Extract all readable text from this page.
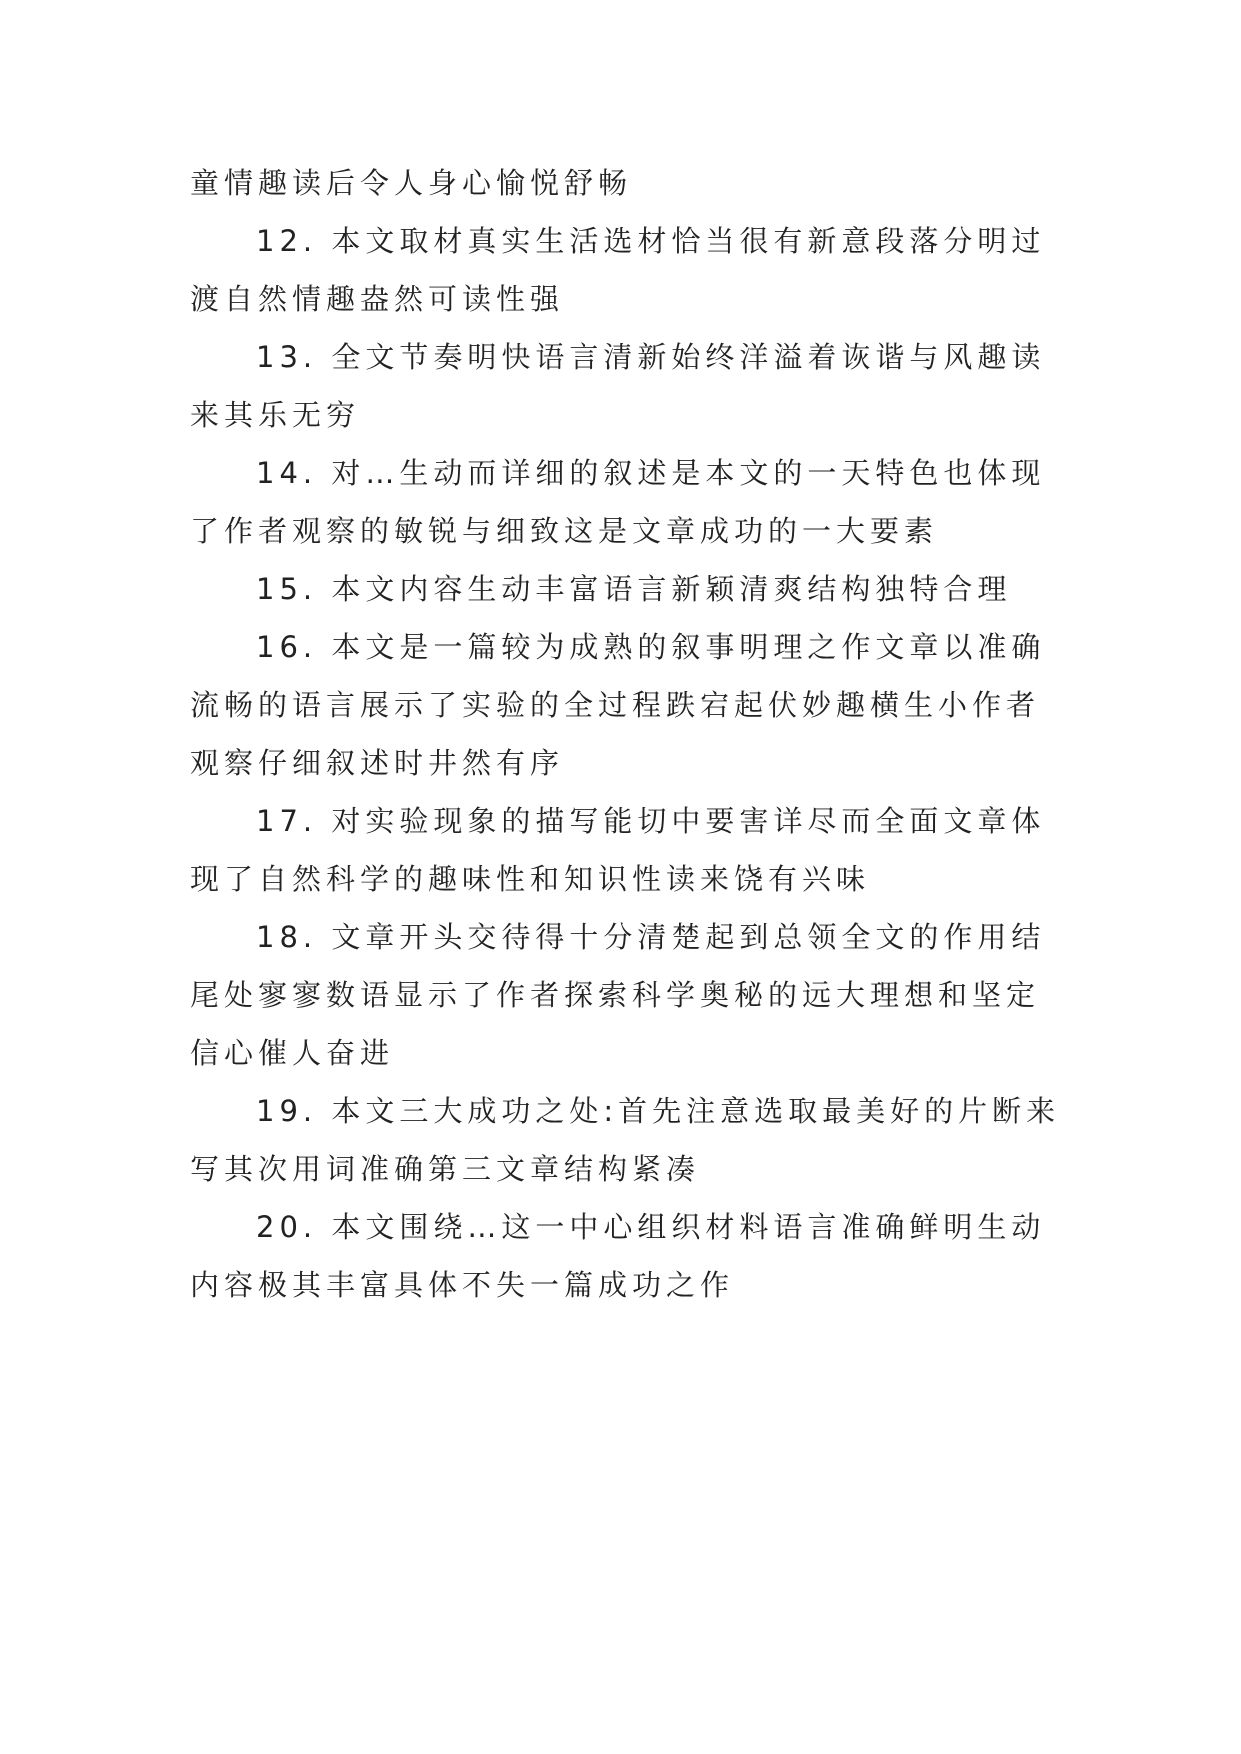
童情趣读后令人身心愉悦舒畅
12. 本文取材真实生活选材恰当很有新意段落分明过
渡自然情趣盎然可读性强
13. 全文节奏明快语言清新始终洋溢着诙谐与风趣读
来其乐无穷
14. 对…生动而详细的叙述是本文的一天特色也体现
了作者观察的敏锐与细致这是文章成功的一大要素
15. 本文内容生动丰富语言新颖清爽结构独特合理
16. 本文是一篇较为成熟的叙事明理之作文章以准确
流畅的语言展示了实验的全过程跌宕起伏妙趣横生小作者
观察仔细叙述时井然有序
17. 对实验现象的描写能切中要害详尽而全面文章体
现了自然科学的趣味性和知识性读来饶有兴味
18. 文章开头交待得十分清楚起到总领全文的作用结
尾处寥寥数语显示了作者探索科学奥秘的远大理想和坚定
信心催人奋进
19. 本文三大成功之处:首先注意选取最美好的片断来
写其次用词准确第三文章结构紧凑
20. 本文围绕…这一中心组织材料语言准确鲜明生动
内容极其丰富具体不失一篇成功之作
